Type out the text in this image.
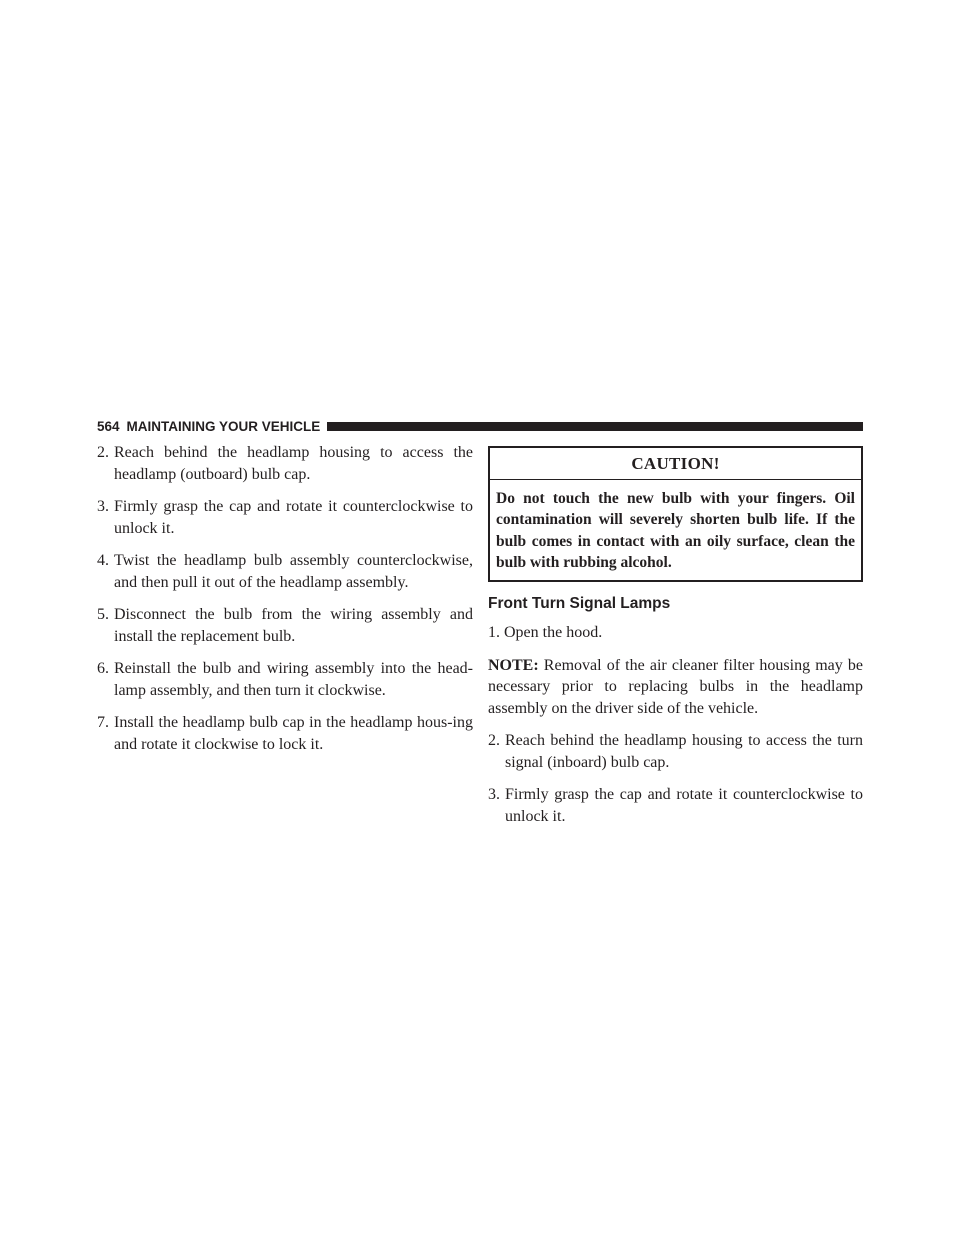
564 MAINTAINING YOUR VEHICLE

2. Reach behind the headlamp housing to access the headlamp (outboard) bulb cap.

3. Firmly grasp the cap and rotate it counterclockwise to unlock it.

4. Twist the headlamp bulb assembly counterclockwise, and then pull it out of the headlamp assembly.

5. Disconnect the bulb from the wiring assembly and install the replacement bulb.

6. Reinstall the bulb and wiring assembly into the head-lamp assembly, and then turn it clockwise.

7. Install the headlamp bulb cap in the headlamp hous-ing and rotate it clockwise to lock it.

CAUTION!
Do not touch the new bulb with your fingers. Oil contamination will severely shorten bulb life. If the bulb comes in contact with an oily surface, clean the bulb with rubbing alcohol.
Front Turn Signal Lamps

1. Open the hood.

NOTE: Removal of the air cleaner filter housing may be necessary prior to replacing bulbs in the headlamp assembly on the driver side of the vehicle.

2. Reach behind the headlamp housing to access the turn signal (inboard) bulb cap.

3. Firmly grasp the cap and rotate it counterclockwise to unlock it.
